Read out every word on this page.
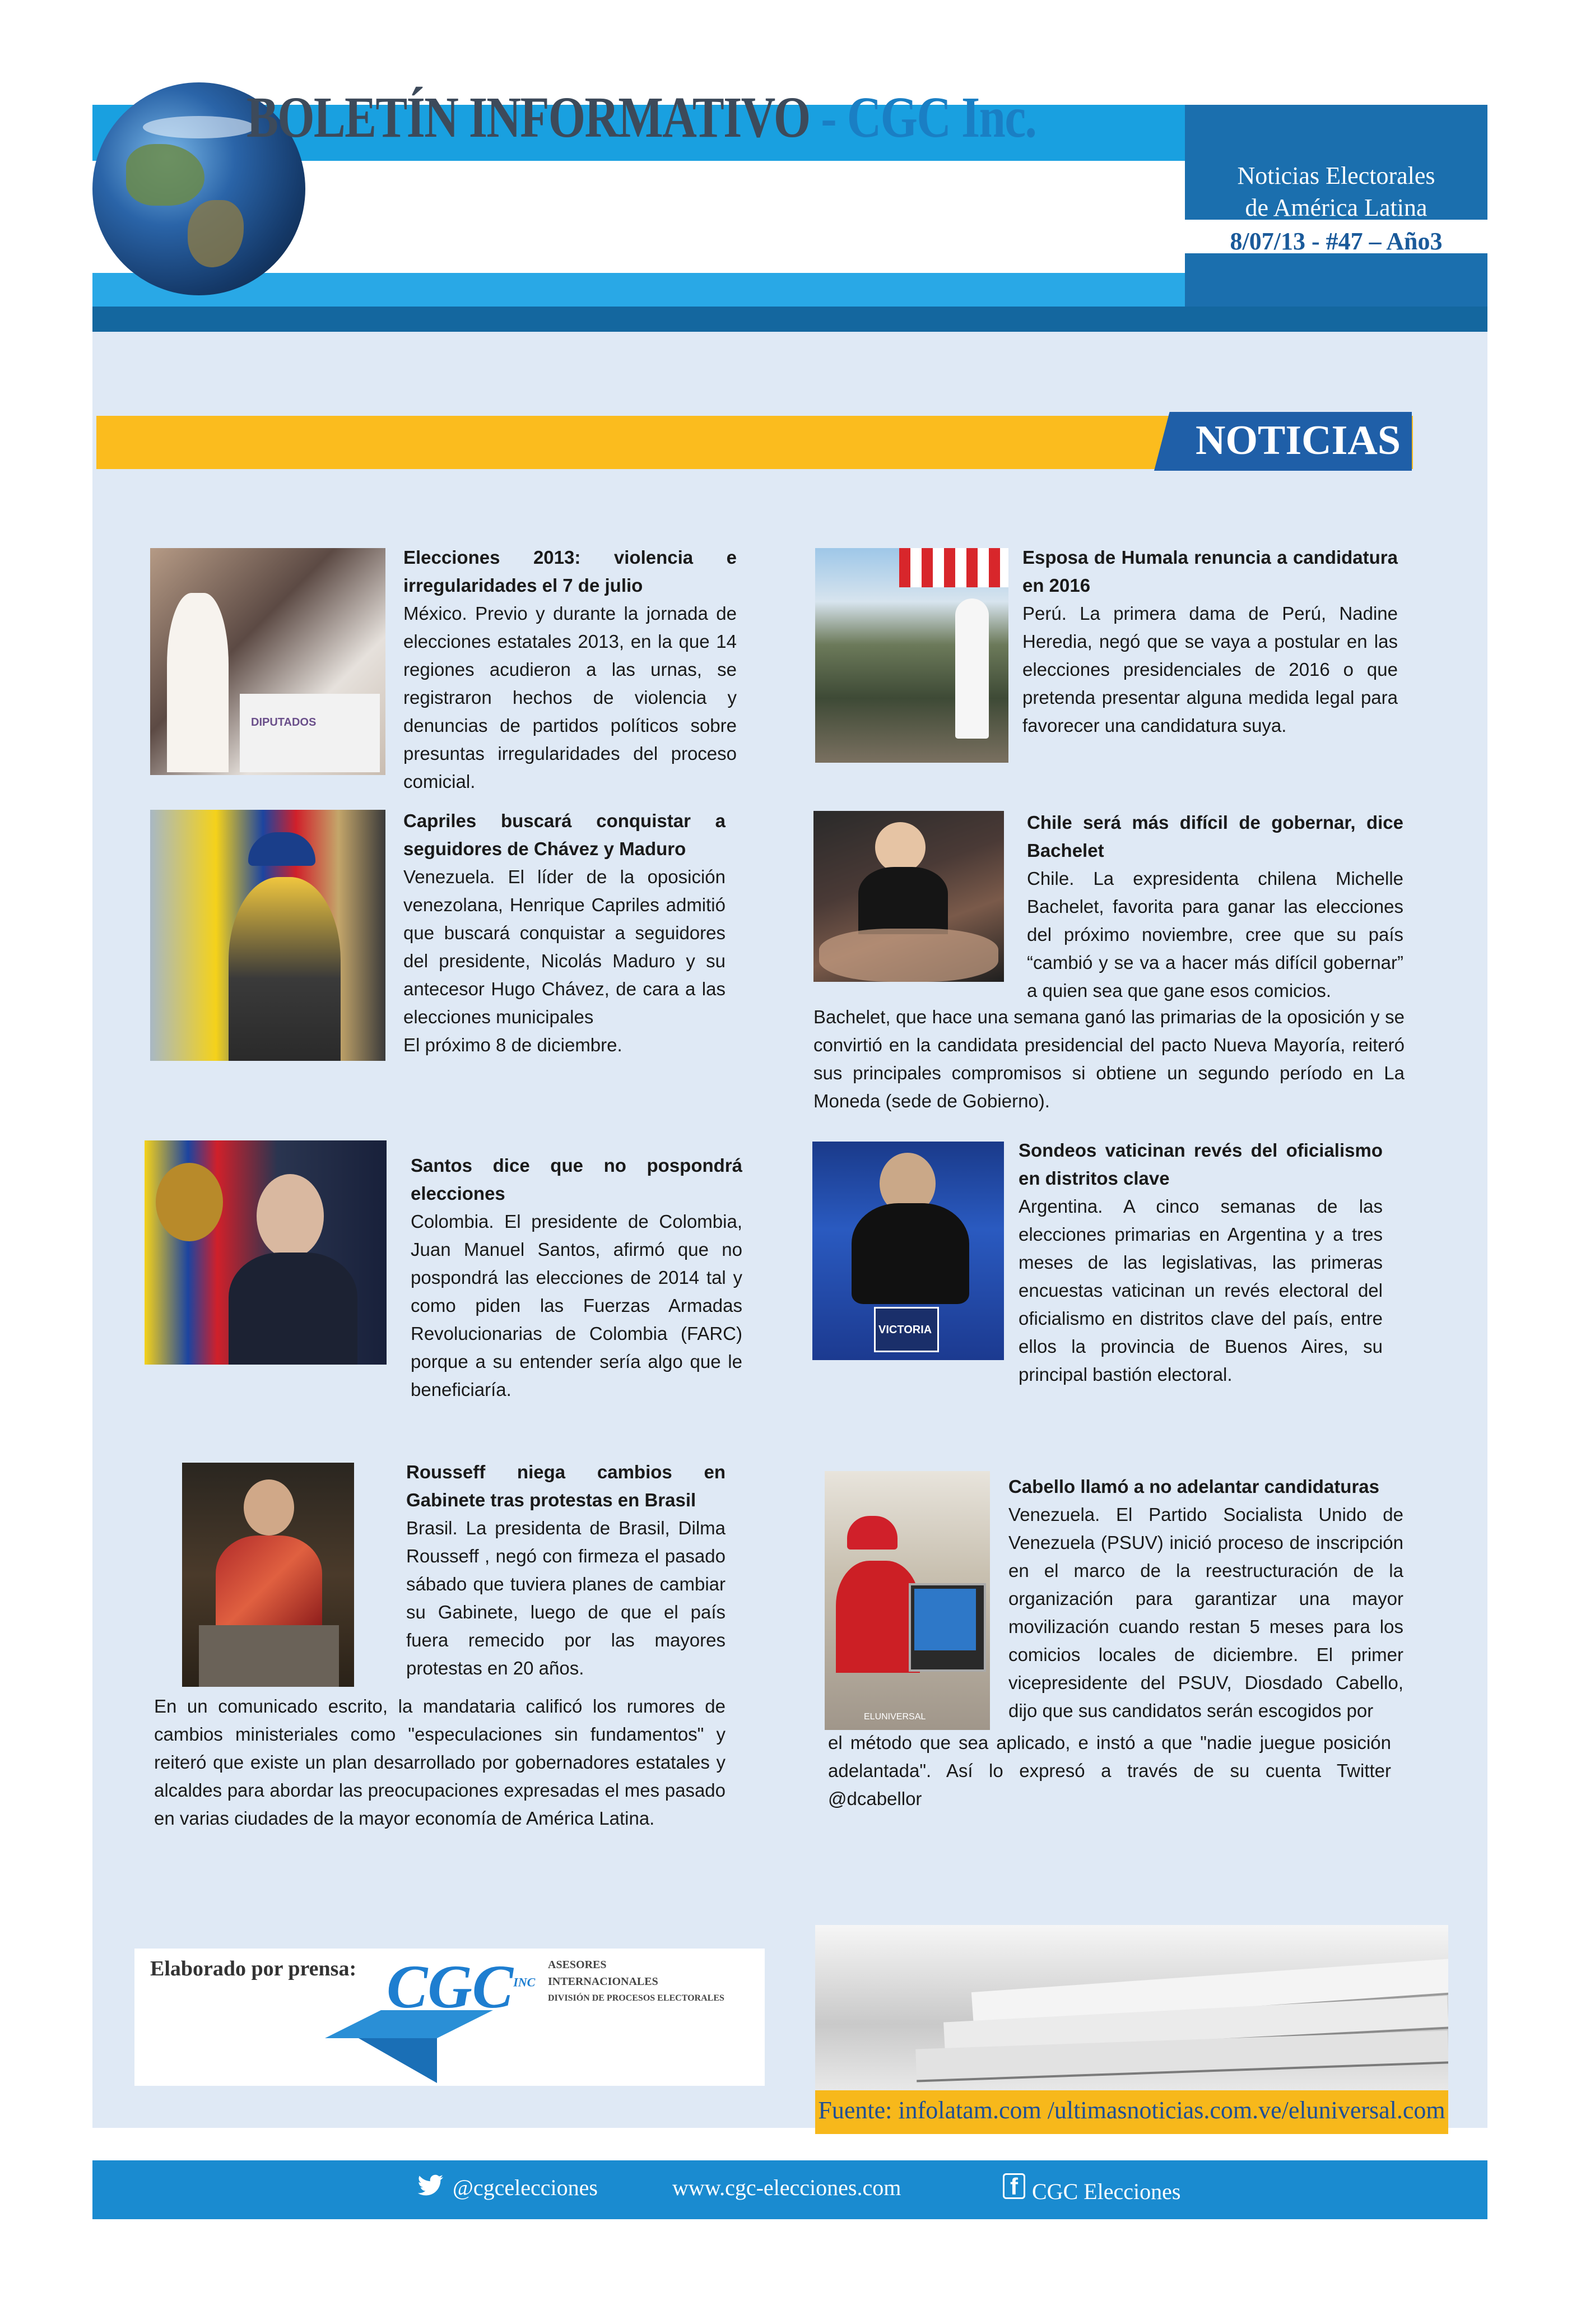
BOLETÍN INFORMATIVO - CGC Inc.
Noticias Electorales
de América Latina
8/07/13 - #47 – Año3
NOTICIAS
DIPUTADOS
Elecciones 2013: violencia e irregularidades el 7 de julio
México. Previo y durante la jornada de elecciones estatales 2013, en la que 14 regiones acudieron a las urnas, se registraron hechos de violencia y denuncias de partidos políticos sobre presuntas irregularidades del proceso comicial.
Esposa de Humala renuncia a candidatura en 2016
Perú. La primera dama de Perú, Nadine Heredia, negó que se vaya a postular en las elecciones presidenciales de 2016 o que pretenda presentar alguna medida legal para favorecer una candidatura suya.
Capriles buscará conquistar a seguidores de Chávez y Maduro
Venezuela. El líder de la oposición venezolana, Henrique Capriles admitió que buscará conquistar a seguidores del presidente, Nicolás Maduro y su antecesor Hugo Chávez, de cara a las elecciones municipales
El próximo 8 de diciembre.
Chile será más difícil de gobernar, dice Bachelet
Chile. La expresidenta chilena Michelle Bachelet, favorita para ganar las elecciones del próximo noviembre, cree que su país “cambió y se va a hacer más difícil gobernar” a quien sea que gane esos comicios.
Bachelet, que hace una semana ganó las primarias de la oposición y se convirtió en la candidata presidencial del pacto Nueva Mayoría, reiteró sus principales compromisos si obtiene un segundo período en La Moneda (sede de Gobierno).
Santos dice que no pospondrá elecciones
Colombia. El presidente de Colombia, Juan Manuel Santos, afirmó que no pospondrá las elecciones de 2014 tal y como piden las Fuerzas Armadas Revolucionarias de Colombia (FARC) porque a su entender sería algo que le beneficiaría.
VICTORIA
Sondeos vaticinan revés del oficialismo en distritos clave
Argentina. A cinco semanas de las elecciones primarias en Argentina y a tres meses de las legislativas, las primeras encuestas vaticinan un revés electoral del oficialismo en distritos clave del país, entre ellos la provincia de Buenos Aires, su principal bastión electoral.
Rousseff niega cambios en Gabinete tras protestas en Brasil
Brasil. La presidenta de Brasil, Dilma Rousseff , negó con firmeza el pasado sábado que tuviera planes de cambiar su Gabinete, luego de que el país fuera remecido por las mayores protestas en 20 años.
En un comunicado escrito, la mandataria calificó los rumores de cambios ministeriales como "especulaciones sin fundamentos" y reiteró que existe un plan desarrollado por gobernadores estatales y alcaldes para abordar las preocupaciones expresadas el mes pasado en varias ciudades de la mayor economía de América Latina.
ELUNIVERSAL
Cabello llamó a no adelantar candidaturas
Venezuela. El Partido Socialista Unido de Venezuela (PSUV) inició proceso de inscripción en el marco de la reestructuración de la organización para garantizar una mayor movilización cuando restan 5 meses para los comicios locales de diciembre. El primer vicepresidente del PSUV, Diosdado Cabello, dijo que sus candidatos serán escogidos por
el método que sea aplicado, e instó a que "nadie juegue posición adelantada". Así lo expresó a través de su cuenta Twitter @dcabellor
Elaborado por prensa: $CGC^{INC}$
ASESORES
INTERNACIONALES
DIVISIÓN DE PROCESOS ELECTORALES
Fuente: infolatam.com /ultimasnoticias.com.ve/eluniversal.com
@cgcelecciones	www.cgc-elecciones.com	f CGC Elecciones
